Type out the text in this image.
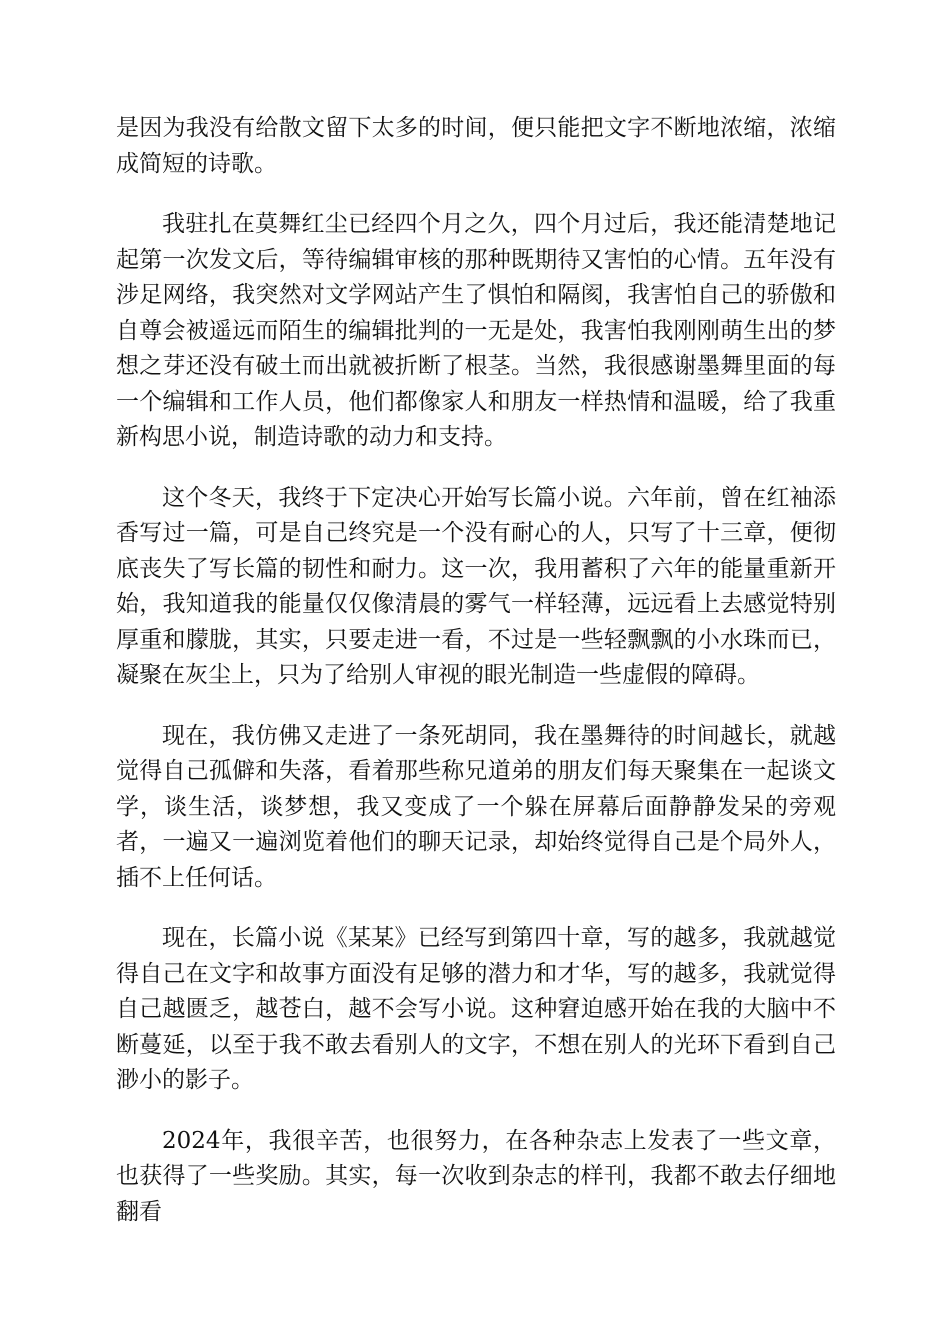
是因为我没有给散文留下太多的时间，便只能把文字不断地浓缩，浓缩成简短的诗歌。

我驻扎在莫舞红尘已经四个月之久，四个月过后，我还能清楚地记起第一次发文后，等待编辑审核的那种既期待又害怕的心情。五年没有涉足网络，我突然对文学网站产生了惧怕和隔阂，我害怕自己的骄傲和自尊会被遥远而陌生的编辑批判的一无是处，我害怕我刚刚萌生出的梦想之芽还没有破土而出就被折断了根茎。当然，我很感谢墨舞里面的每一个编辑和工作人员，他们都像家人和朋友一样热情和温暖，给了我重新构思小说，制造诗歌的动力和支持。

这个冬天，我终于下定决心开始写长篇小说。六年前，曾在红袖添香写过一篇，可是自己终究是一个没有耐心的人，只写了十三章，便彻底丧失了写长篇的韧性和耐力。这一次，我用蓄积了六年的能量重新开始，我知道我的能量仅仅像清晨的雾气一样轻薄，远远看上去感觉特别厚重和朦胧，其实，只要走进一看，不过是一些轻飘飘的小水珠而已，凝聚在灰尘上，只为了给别人审视的眼光制造一些虚假的障碍。

现在，我仿佛又走进了一条死胡同，我在墨舞待的时间越长，就越觉得自己孤僻和失落，看着那些称兄道弟的朋友们每天聚集在一起谈文学，谈生活，谈梦想，我又变成了一个躲在屏幕后面静静发呆的旁观者，一遍又一遍浏览着他们的聊天记录，却始终觉得自己是个局外人，插不上任何话。

现在，长篇小说《某某》已经写到第四十章，写的越多，我就越觉得自己在文字和故事方面没有足够的潜力和才华，写的越多，我就觉得自己越匮乏，越苍白，越不会写小说。这种窘迫感开始在我的大脑中不断蔓延，以至于我不敢去看别人的文字，不想在别人的光环下看到自己渺小的影子。

2024年，我很辛苦，也很努力，在各种杂志上发表了一些文章，也获得了一些奖励。其实，每一次收到杂志的样刊，我都不敢去仔细地翻看
